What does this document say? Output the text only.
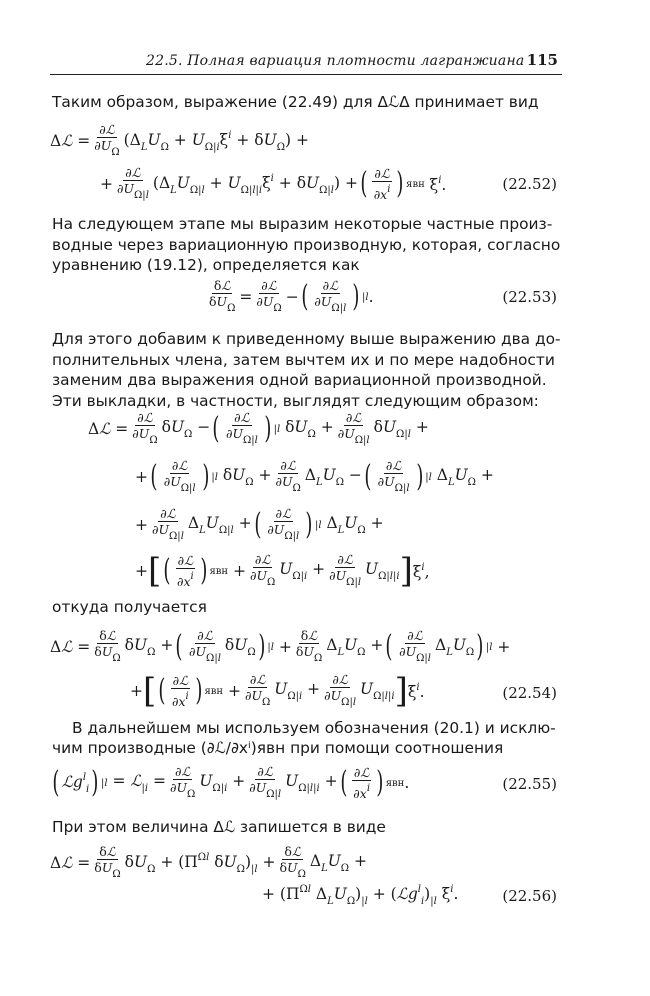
22.5. Полная вариация плотности лагранжиана 115
Таким образом, выражение (22.49) для ΔℒΔ принимает вид
Δℒ = $\frac{\text{∂ℒ}}{\partial U_\Omega} (\Delta_LU_\Omega + U_{\Omega|i}\xi^i + \delta U_\Omega)$ +
+ $\frac{\text{∂ℒ}}{\partial U_{\Omega|l}} (\Delta_LU_{\Omega|l} + U_{\Omega|l|i}\xi^i + \delta U_{\Omega|l})$ + ( $\frac{\text{∂ℒ}}{\partial x^i}$ ) явн $\xi^i$.	(22.52)
На следующем этапе мы выразим некоторые частные произ-
водные через вариационную производную, которая, согласно
уравнению (19.12), определяется как
$\frac{\text{δℒ}}{\delta U_\Omega} = \frac{\text{∂ℒ}}{\partial U_\Omega}$ − ( $\frac{\text{∂ℒ}}{\partial U_{\Omega|l}}$ ) |l .	(22.53)
Для этого добавим к приведенному выше выражению два до-
полнительных члена, затем вычтем их и по мере надобности
заменим два выражения одной вариационной производной.
Эти выкладки, в частности, выглядят следующим образом:
Δℒ = $\frac{\text{∂ℒ}}{\partial U_\Omega} \delta U_\Omega$ − ( $\frac{\text{∂ℒ}}{\partial U_{\Omega|l}}$ ) |l $\delta U_\Omega + \frac{\text{∂ℒ}}{\partial U_{\Omega|l}} \delta U_{\Omega|l}$ +
+ ( $\frac{\text{∂ℒ}}{\partial U_{\Omega|l}}$ ) |l $\delta U_\Omega + \frac{\text{∂ℒ}}{\partial U_\Omega} \Delta_LU_\Omega$ − ( $\frac{\text{∂ℒ}}{\partial U_{\Omega|l}}$ ) |l $\Delta_LU_\Omega$ +
+ $\frac{\text{∂ℒ}}{\partial U_{\Omega|l}} \Delta_LU_{\Omega|l}$ + ( $\frac{\text{∂ℒ}}{\partial U_{\Omega|l}}$ ) |l $\Delta_LU_\Omega$ +
+ [ ( $\frac{\text{∂ℒ}}{\partial x^i}$ ) явн + $\frac{\text{∂ℒ}}{\partial U_\Omega} U_{\Omega|i} + \frac{\text{∂ℒ}}{\partial U_{\Omega|l}} U_{\Omega|l|i}$ ] $\xi^i$,
откуда получается
Δℒ = $\frac{\text{δℒ}}{\delta U_\Omega} \delta U_\Omega$ + ( $\frac{\text{∂ℒ}}{\partial U_{\Omega|l}} \delta U_\Omega$ ) $|l + \frac{\text{δℒ}}{\delta U_\Omega} \Delta_LU_\Omega$ + ( $\frac{\text{∂ℒ}}{\partial U_{\Omega|l}} \Delta_LU_\Omega$ ) |l +
+ [ ( $\frac{\text{∂ℒ}}{\partial x^i}$ ) явн + $\frac{\text{∂ℒ}}{\partial U_\Omega} U_{\Omega|i} + \frac{\text{∂ℒ}}{\partial U_{\Omega|l}} U_{\Omega|l|i}$ ] $\xi^i$.	(22.54)
В дальнейшем мы используем обозначения (20.1) и исклю-
чим производные (∂ℒ/∂xⁱ)явн при помощи соотношения
( ℒg$^l_i$ ) |l = ℒ$_{|i}$ = $\frac{\text{∂ℒ}}{\partial U_\Omega} U_{\Omega|i} + \frac{\text{∂ℒ}}{\partial U_{\Omega|l}} U_{\Omega|l|i}$ + ( $\frac{\text{∂ℒ}}{\partial x^i}$ ) явн .	(22.55)
При этом величина Δℒ запишется в виде
Δℒ = $\frac{\text{δℒ}}{\delta U_\Omega} \delta U_\Omega + (\Pi^{\Omega l}$ $\delta U_\Omega)_{|l} + \frac{\text{δℒ}}{\delta U_\Omega} \Delta_LU_\Omega$ +
+ ($\Pi^{\Omega l}$ $\Delta_LU_\Omega)_{|l}$ + $(ℒg^l_i)_{|l}$ $\xi^i$.	(22.56)
